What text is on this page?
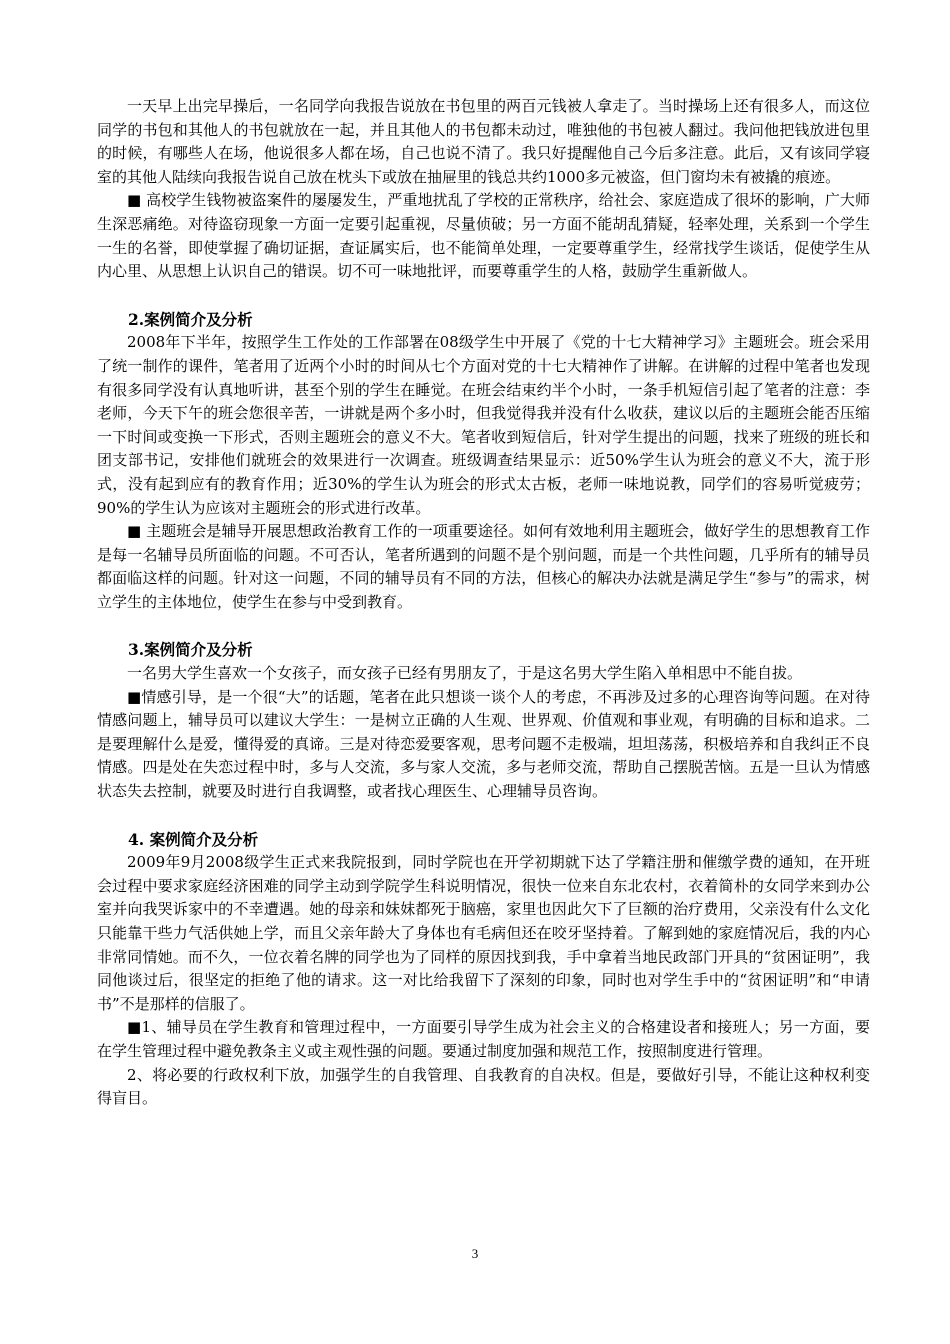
一天早上出完早操后，一名同学向我报告说放在书包里的两百元钱被人拿走了。当时操场上还有很多人，而这位同学的书包和其他人的书包就放在一起，并且其他人的书包都未动过，唯独他的书包被人翻过。我问他把钱放进包里的时候，有哪些人在场，他说很多人都在场，自己也说不清了。我只好提醒他自己今后多注意。此后，又有该同学寝室的其他人陆续向我报告说自己放在枕头下或放在抽屉里的钱总共约1000多元被盗，但门窗均未有被撬的痕迹。

■ 高校学生钱物被盗案件的屡屡发生，严重地扰乱了学校的正常秩序，给社会、家庭造成了很坏的影响，广大师生深恶痛绝。对待盗窃现象一方面一定要引起重视，尽量侦破；另一方面不能胡乱猜疑，轻率处理，关系到一个学生一生的名誉，即使掌握了确切证据，查证属实后，也不能简单处理，一定要尊重学生，经常找学生谈话，促使学生从内心里、从思想上认识自己的错误。切不可一味地批评，而要尊重学生的人格，鼓励学生重新做人。

2.案例简介及分析

2008年下半年，按照学生工作处的工作部署在08级学生中开展了《党的十七大精神学习》主题班会。班会采用了统一制作的课件，笔者用了近两个小时的时间从七个方面对党的十七大精神作了讲解。在讲解的过程中笔者也发现有很多同学没有认真地听讲，甚至个别的学生在睡觉。在班会结束约半个小时，一条手机短信引起了笔者的注意：李老师，今天下午的班会您很辛苦，一讲就是两个多小时，但我觉得我并没有什么收获，建议以后的主题班会能否压缩一下时间或变换一下形式，否则主题班会的意义不大。笔者收到短信后，针对学生提出的问题，找来了班级的班长和团支部书记，安排他们就班会的效果进行一次调查。班级调查结果显示：近50%学生认为班会的意义不大，流于形式，没有起到应有的教育作用；近30%的学生认为班会的形式太古板，老师一味地说教，同学们的容易听觉疲劳；90%的学生认为应该对主题班会的形式进行改革。

■ 主题班会是辅导开展思想政治教育工作的一项重要途径。如何有效地利用主题班会，做好学生的思想教育工作是每一名辅导员所面临的问题。不可否认，笔者所遇到的问题不是个别问题，而是一个共性问题，几乎所有的辅导员都面临这样的问题。针对这一问题，不同的辅导员有不同的方法，但核心的解决办法就是满足学生“参与”的需求，树立学生的主体地位，使学生在参与中受到教育。

3.案例简介及分析

一名男大学生喜欢一个女孩子，而女孩子已经有男朋友了，于是这名男大学生陷入单相思中不能自拔。

■情感引导，是一个很“大”的话题，笔者在此只想谈一谈个人的考虑，不再涉及过多的心理咨询等问题。在对待情感问题上，辅导员可以建议大学生：一是树立正确的人生观、世界观、价值观和事业观，有明确的目标和追求。二是要理解什么是爱，懂得爱的真谛。三是对待恋爱要客观，思考问题不走极端，坦坦荡荡，积极培养和自我纠正不良情感。四是处在失恋过程中时，多与人交流，多与家人交流，多与老师交流，帮助自己摆脱苦恼。五是一旦认为情感状态失去控制，就要及时进行自我调整，或者找心理医生、心理辅导员咨询。

4. 案例简介及分析

2009年9月2008级学生正式来我院报到，同时学院也在开学初期就下达了学籍注册和催缴学费的通知，在开班会过程中要求家庭经济困难的同学主动到学院学生科说明情况，很快一位来自东北农村，衣着简朴的女同学来到办公室并向我哭诉家中的不幸遭遇。她的母亲和妹妹都死于脑癌，家里也因此欠下了巨额的治疗费用，父亲没有什么文化只能靠干些力气活供她上学，而且父亲年龄大了身体也有毛病但还在咬牙坚持着。了解到她的家庭情况后，我的内心非常同情她。而不久，一位衣着名牌的同学也为了同样的原因找到我，手中拿着当地民政部门开具的“贫困证明”，我同他谈过后，很坚定的拒绝了他的请求。这一对比给我留下了深刻的印象，同时也对学生手中的“贫困证明”和“申请书”不是那样的信服了。

■1、辅导员在学生教育和管理过程中，一方面要引导学生成为社会主义的合格建设者和接班人；另一方面，要在学生管理过程中避免教条主义或主观性强的问题。要通过制度加强和规范工作，按照制度进行管理。

2、将必要的行政权利下放，加强学生的自我管理、自我教育的自决权。但是，要做好引导，不能让这种权利变得盲目。

3
